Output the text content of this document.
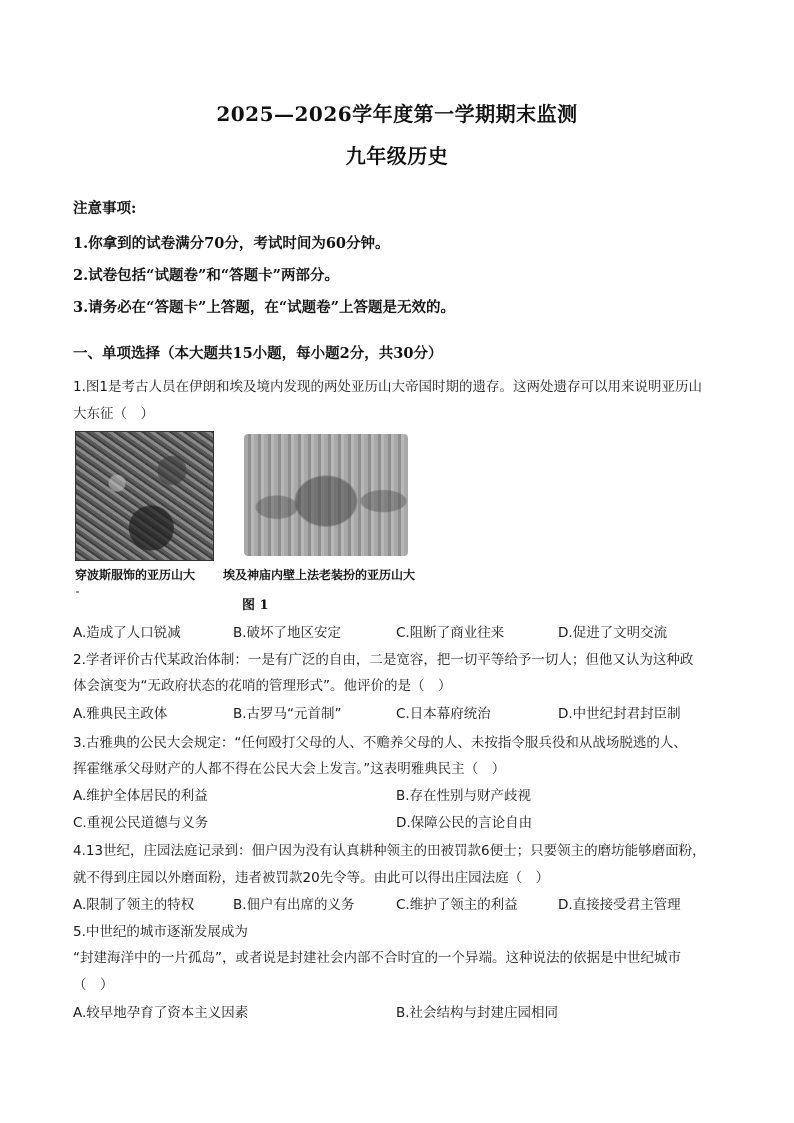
2025—2026学年度第一学期期末监测
九年级历史
注意事项:
1.你拿到的试卷满分70分，考试时间为60分钟。
2.试卷包括“试题卷”和“答题卡”两部分。
3.请务必在“答题卡”上答题，在“试题卷”上答题是无效的。
一、单项选择（本大题共15小题，每小题2分，共30分）
1.图1是考古人员在伊朗和埃及境内发现的两处亚历山大帝国时期的遗存。这两处遗存可以用来说明亚历山
大东征（　）
穿波斯服饰的亚历山大 埃及神庙内壁上法老装扮的亚历山大
图 1
A.造成了人口锐减	B.破坏了地区安定	C.阻断了商业往来	D.促进了文明交流
2.学者评价古代某政治体制：一是有广泛的自由，二是宽容，把一切平等给予一切人；但他又认为这种政
体会演变为“无政府状态的花哨的管理形式”。他评价的是（　）
A.雅典民主政体	B.古罗马“元首制”	C.日本幕府统治	D.中世纪封君封臣制
3.古雅典的公民大会规定：“任何殴打父母的人、不赡养父母的人、未按指令服兵役和从战场脱逃的人、
挥霍继承父母财产的人都不得在公民大会上发言。”这表明雅典民主（　）
A.维护全体居民的利益	B.存在性别与财产歧视
C.重视公民道德与义务	D.保障公民的言论自由
4.13世纪，庄园法庭记录到：佃户因为没有认真耕种领主的田被罚款6便士；只要领主的磨坊能够磨面粉，
就不得到庄园以外磨面粉，违者被罚款20先令等。由此可以得出庄园法庭（　）
A.限制了领主的特权	B.佃户有出席的义务	C.维护了领主的利益	D.直接接受君主管理
5.中世纪的城市逐渐发展成为
“封建海洋中的一片孤岛”，或者说是封建社会内部不合时宜的一个异端。这种说法的依据是中世纪城市
（　）
A.较早地孕育了资本主义因素	B.社会结构与封建庄园相同
